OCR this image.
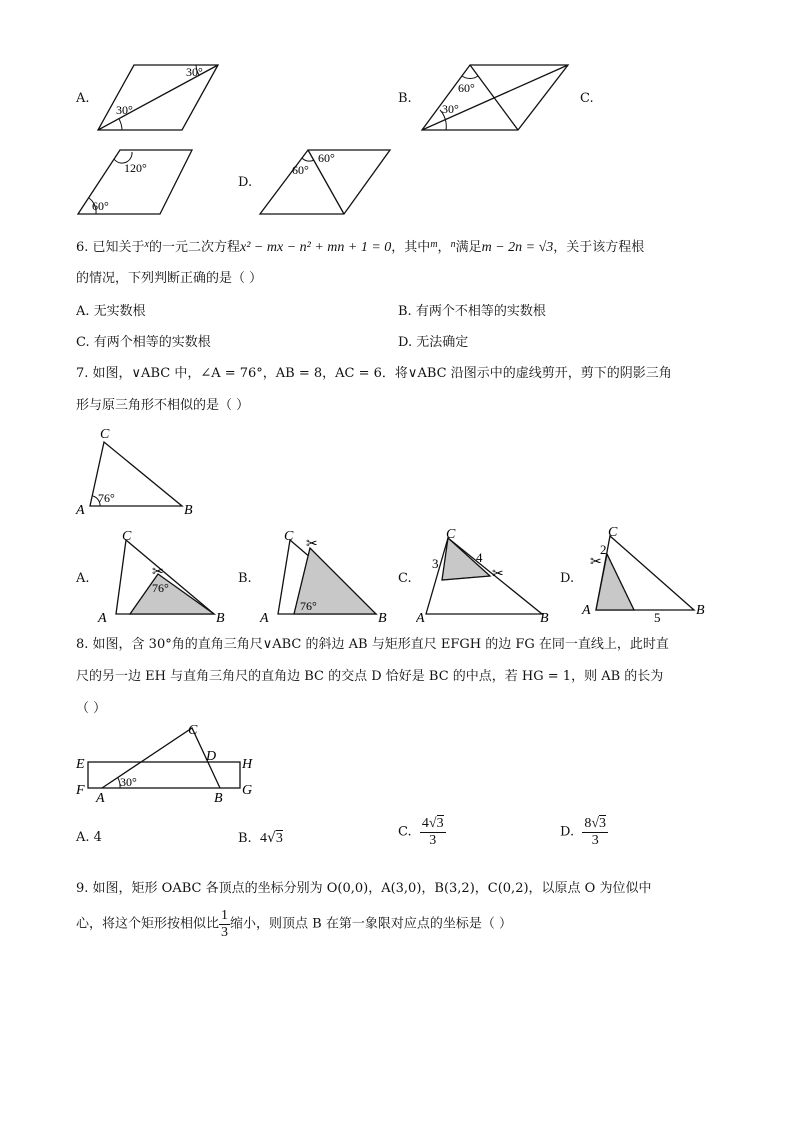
A.
30°
30°
B.
60°
30°
C.
120°
60°
D.
60°
60°
6. 已知关于$^x$的一元二次方程x² − mx − n² + mn + 1 = 0，其中$^m$，$^n$满足m − 2n = √3，关于该方程根
的情况，下列判断正确的是（ ）
A. 无实数根	B. 有两个不相等的实数根
C. 有两个相等的实数根	D. 无法确定
7. 如图，∨ABC 中，∠A = 76°，AB = 8，AC = 6．将∨ABC 沿图示中的虚线剪开，剪下的阴影三角
形与原三角形不相似的是（ ）
C
A	B
76°
A.	✂
C
A	B
76°
B.
✂
C
A	B
76°
C.	✂
C
A	B
3	4
D.
✂
C
A	B
2
5
8. 如图，含 30°角的直角三角尺∨ABC 的斜边 AB 与矩形直尺 EFGH 的边 FG 在同一直线上，此时直
尺的另一边 EH 与直角三角尺的直角边 BC 的交点 D 恰好是 BC 的中点，若 HG = 1，则 AB 的长为
（ ）
C
D
E	H
F	G
A	B
30°
A. 4	B. 4√3	C. $\frac{4√3}{3}$	D. $\frac{8√3}{3}$
9. 如图，矩形 OABC 各顶点的坐标分别为 O(0,0)，A(3,0)，B(3,2)，C(0,2)，以原点 O 为位似中
心，将这个矩形按相似比 $\frac{1}{3}$ 缩小，则顶点 B 在第一象限对应点的坐标是（ ）
